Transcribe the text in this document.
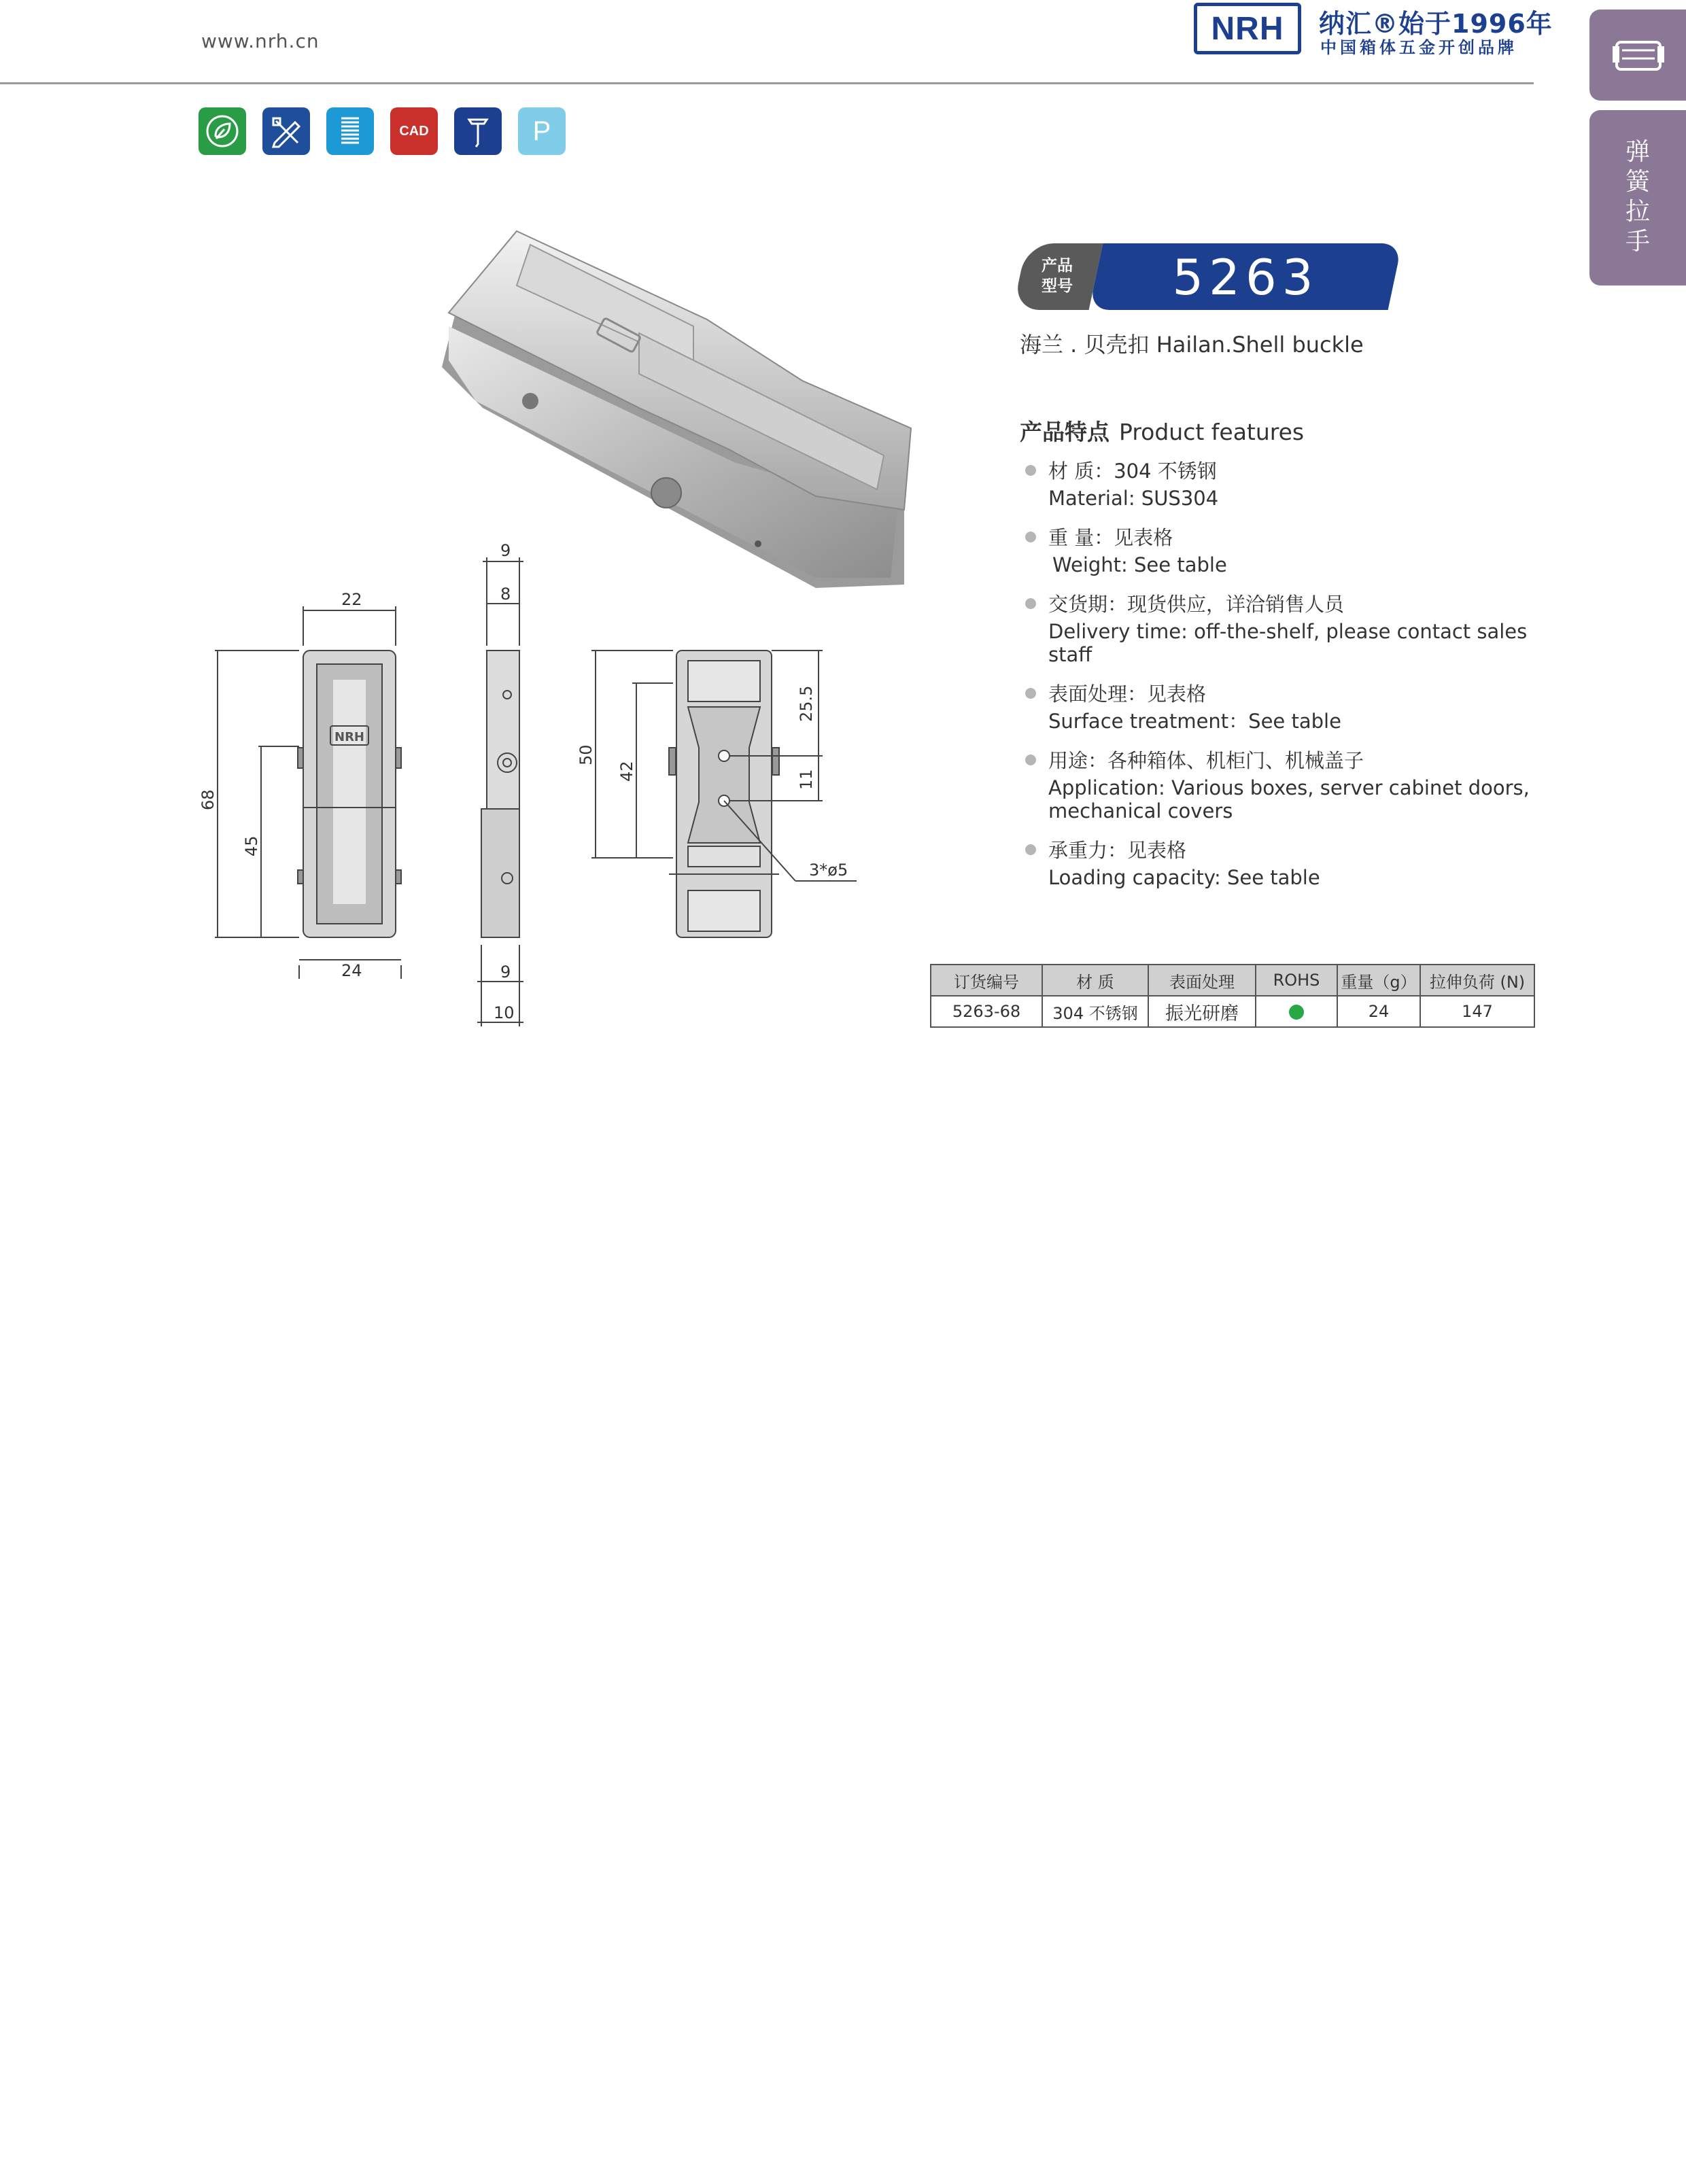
www.nrh.cn	NRH	纳汇®始于1996年
中国箱体五金开创品牌
弹
簧
拉
手
CAD	P
22
24
68
45
9
8
9
10
50
42
25.5
11
3*ø5
NRH
产品
型号	5263
海兰 . 贝壳扣 Hailan.Shell buckle
产品特点 Product features
材 质：304 不锈钢
Material: SUS304
重 量：见表格
Weight: See table
交货期：现货供应，详洽销售人员
Delivery time: off-the-shelf, please contact sales staff
表面处理：见表格
Surface treatment：See table
用途：各种箱体、机柜门、机械盖子
Application: Various boxes, server cabinet doors, mechanical covers
承重力：见表格
Loading capacity: See table
订货编号	材 质	表面处理	ROHS	重量（g）	拉伸负荷 (N)
5263-68	304 不锈钢	振光研磨		24	147
